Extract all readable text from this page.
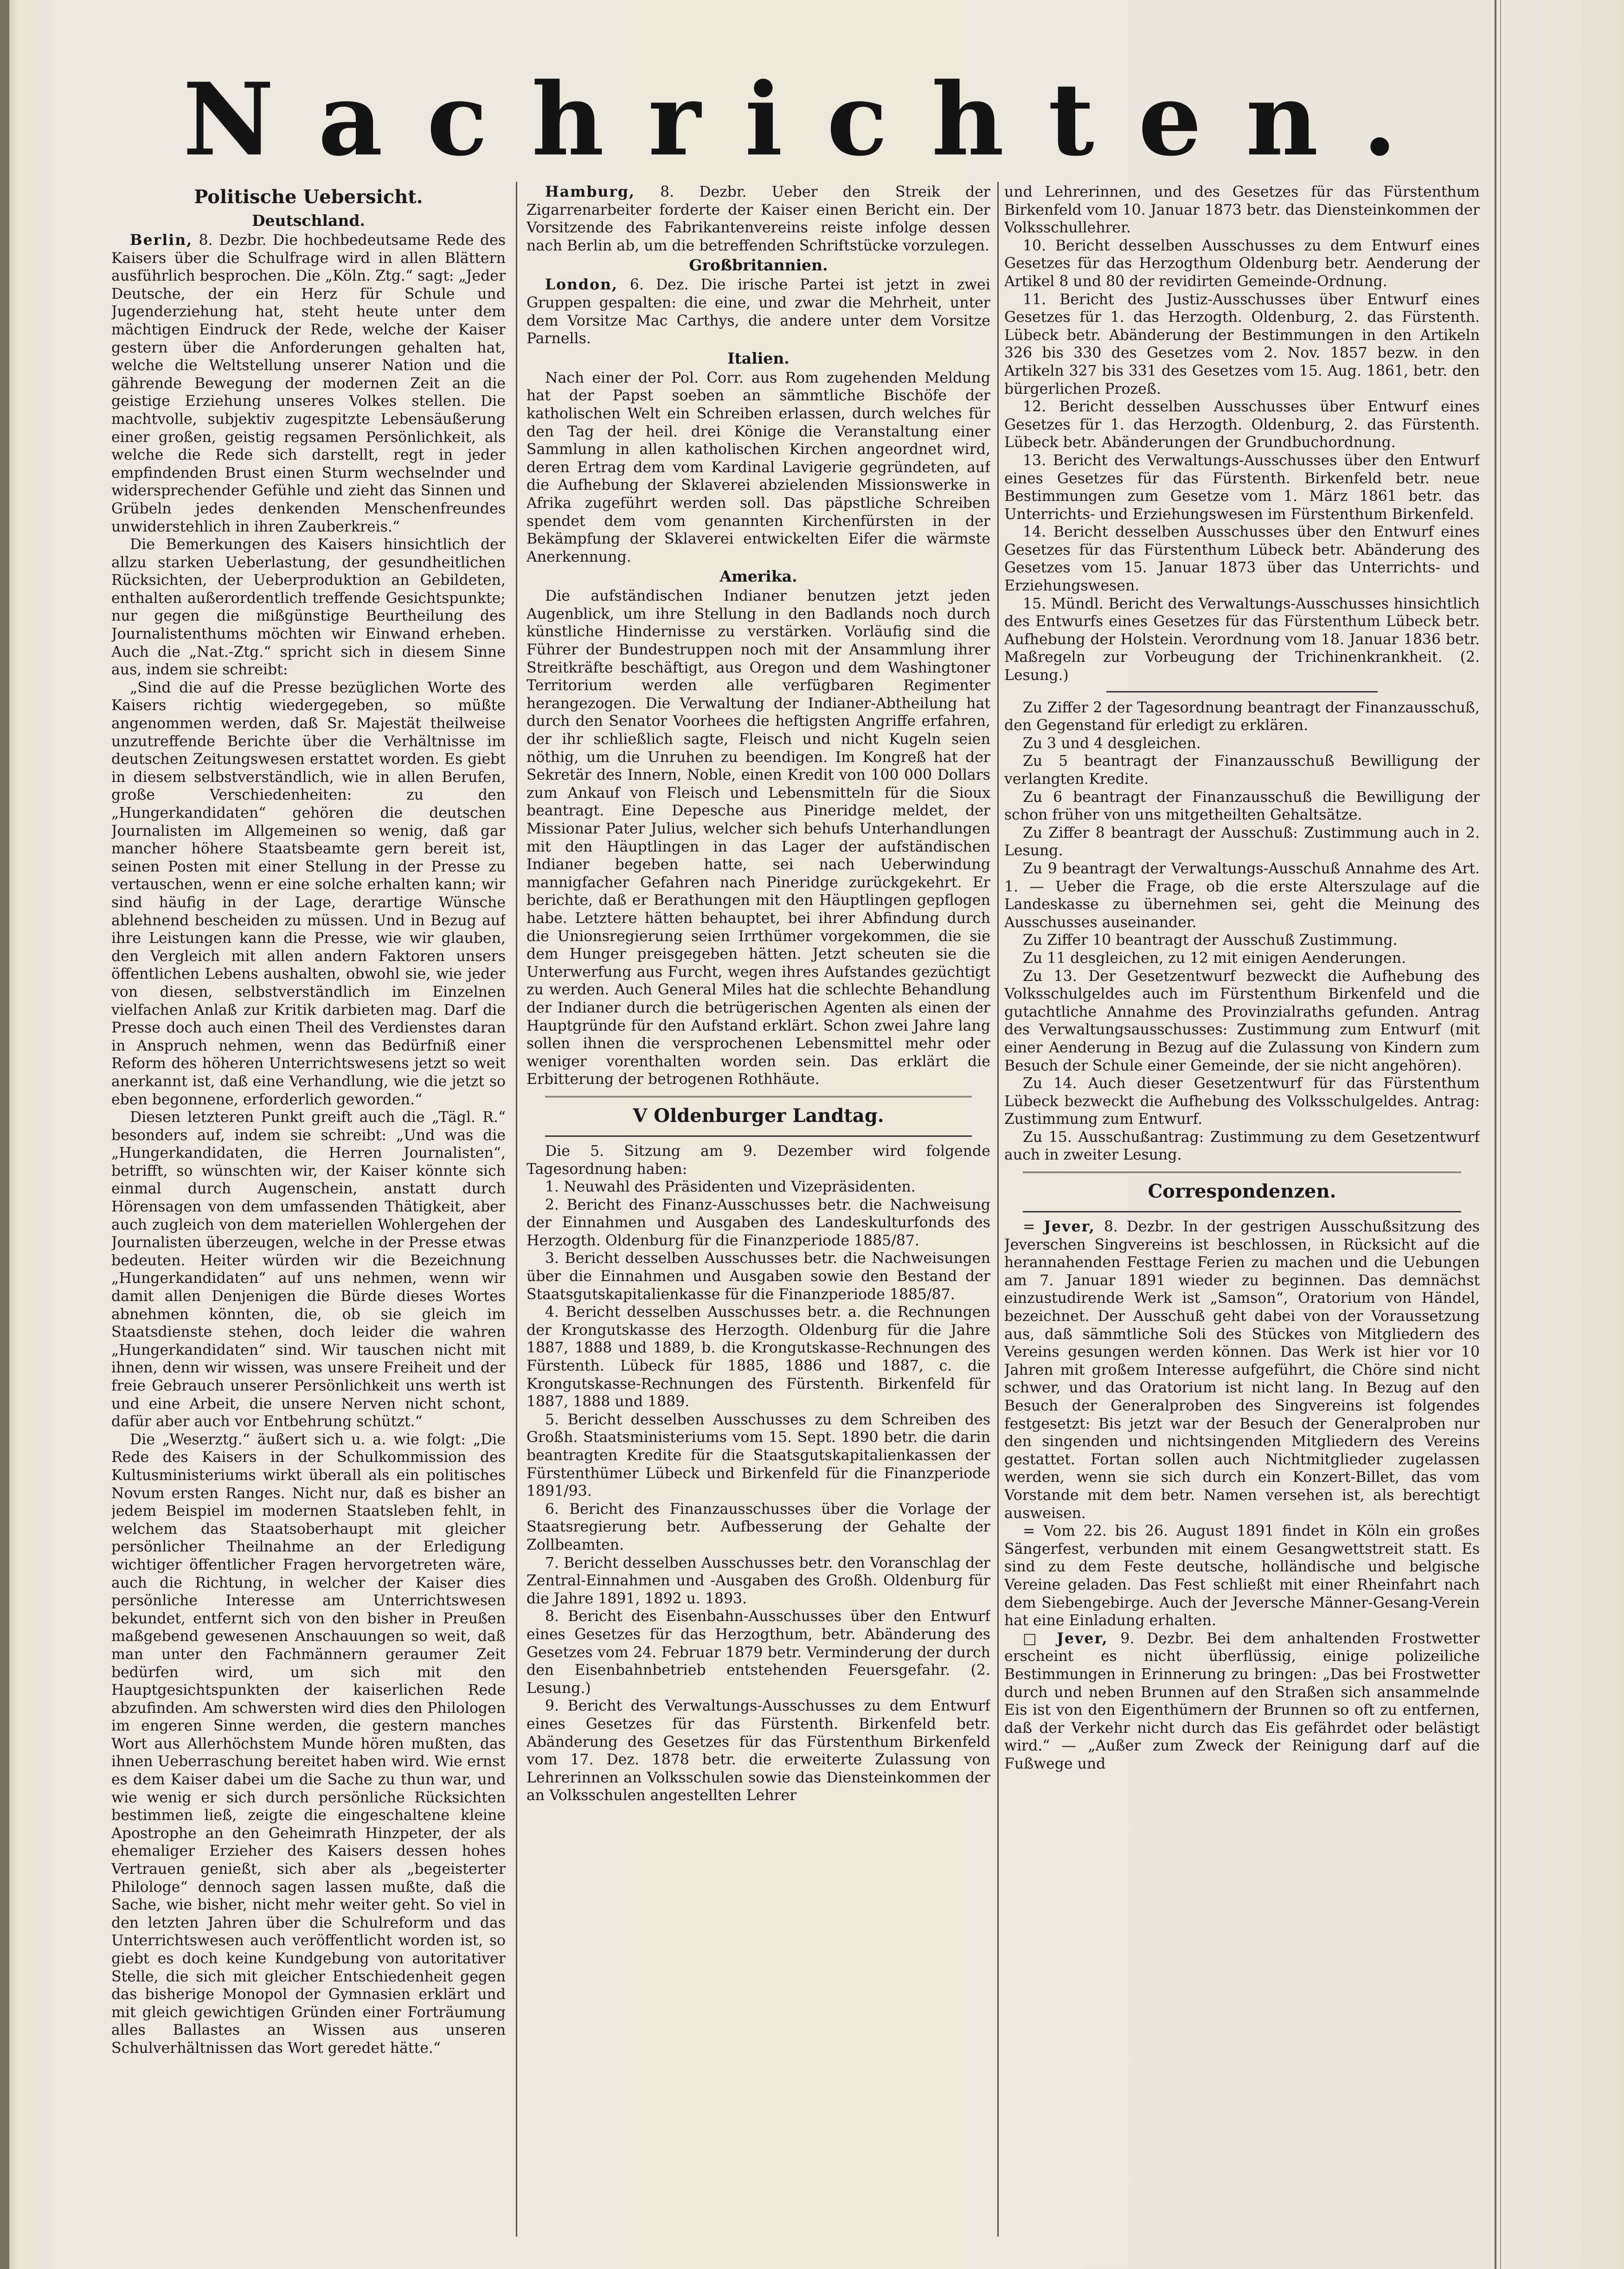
Nachrichten.
Politische Uebersicht.
Deutschland.

Berlin, 8. Dezbr. Die hochbedeutsame Rede des Kaisers über die Schulfrage wird in allen Blättern ausführlich besprochen. Die „Köln. Ztg.“ sagt: „Jeder Deutsche, der ein Herz für Schule und Jugenderziehung hat, steht heute unter dem mächtigen Eindruck der Rede, welche der Kaiser gestern über die Anforderungen gehalten hat, welche die Weltstellung unserer Nation und die gährende Bewegung der modernen Zeit an die geistige Erziehung unseres Volkes stellen. Die machtvolle, subjektiv zugespitzte Lebensäußerung einer großen, geistig regsamen Persönlichkeit, als welche die Rede sich darstellt, regt in jeder empfindenden Brust einen Sturm wechselnder und widersprechender Gefühle und zieht das Sinnen und Grübeln jedes denkenden Menschenfreundes unwiderstehlich in ihren Zauberkreis.“

Die Bemerkungen des Kaisers hinsichtlich der allzu starken Ueberlastung, der gesundheitlichen Rücksichten, der Ueberproduktion an Gebildeten, enthalten außerordentlich treffende Gesichtspunkte; nur gegen die mißgünstige Beurtheilung des Journalistenthums möchten wir Einwand erheben. Auch die „Nat.-Ztg.“ spricht sich in diesem Sinne aus, indem sie schreibt:

„Sind die auf die Presse bezüglichen Worte des Kaisers richtig wiedergegeben, so müßte angenommen werden, daß Sr. Majestät theilweise unzutreffende Berichte über die Verhältnisse im deutschen Zeitungswesen erstattet worden. Es giebt in diesem selbstverständlich, wie in allen Berufen, große Verschiedenheiten: zu den „Hungerkandidaten“ gehören die deutschen Journalisten im Allgemeinen so wenig, daß gar mancher höhere Staatsbeamte gern bereit ist, seinen Posten mit einer Stellung in der Presse zu vertauschen, wenn er eine solche erhalten kann; wir sind häufig in der Lage, derartige Wünsche ablehnend bescheiden zu müssen. Und in Bezug auf ihre Leistungen kann die Presse, wie wir glauben, den Vergleich mit allen andern Faktoren unsers öffentlichen Lebens aushalten, obwohl sie, wie jeder von diesen, selbstverständlich im Einzelnen vielfachen Anlaß zur Kritik darbieten mag. Darf die Presse doch auch einen Theil des Verdienstes daran in Anspruch nehmen, wenn das Bedürfniß einer Reform des höheren Unterrichtswesens jetzt so weit anerkannt ist, daß eine Verhandlung, wie die jetzt so eben begonnene, erforderlich geworden.“

Diesen letzteren Punkt greift auch die „Tägl. R.“ besonders auf, indem sie schreibt: „Und was die „Hungerkandidaten, die Herren Journalisten“, betrifft, so wünschten wir, der Kaiser könnte sich einmal durch Augenschein, anstatt durch Hörensagen von dem umfassenden Thätigkeit, aber auch zugleich von dem materiellen Wohlergehen der Journalisten überzeugen, welche in der Presse etwas bedeuten. Heiter würden wir die Bezeichnung „Hungerkandidaten“ auf uns nehmen, wenn wir damit allen Denjenigen die Bürde dieses Wortes abnehmen könnten, die, ob sie gleich im Staatsdienste stehen, doch leider die wahren „Hungerkandidaten“ sind. Wir tauschen nicht mit ihnen, denn wir wissen, was unsere Freiheit und der freie Gebrauch unserer Persönlichkeit uns werth ist und eine Arbeit, die unsere Nerven nicht schont, dafür aber auch vor Entbehrung schützt.“

Die „Weserztg.“ äußert sich u. a. wie folgt: „Die Rede des Kaisers in der Schulkommission des Kultusministeriums wirkt überall als ein politisches Novum ersten Ranges. Nicht nur, daß es bisher an jedem Beispiel im modernen Staatsleben fehlt, in welchem das Staatsoberhaupt mit gleicher persönlicher Theilnahme an der Erledigung wichtiger öffentlicher Fragen hervorgetreten wäre, auch die Richtung, in welcher der Kaiser dies persönliche Interesse am Unterrichtswesen bekundet, entfernt sich von den bisher in Preußen maßgebend gewesenen Anschauungen so weit, daß man unter den Fachmännern geraumer Zeit bedürfen wird, um sich mit den Hauptgesichtspunkten der kaiserlichen Rede abzufinden. Am schwersten wird dies den Philologen im engeren Sinne werden, die gestern manches Wort aus Allerhöchstem Munde hören mußten, das ihnen Ueberraschung bereitet haben wird. Wie ernst es dem Kaiser dabei um die Sache zu thun war, und wie wenig er sich durch persönliche Rücksichten bestimmen ließ, zeigte die eingeschaltene kleine Apostrophe an den Geheimrath Hinzpeter, der als ehemaliger Erzieher des Kaisers dessen hohes Vertrauen genießt, sich aber als „begeisterter Philologe“ dennoch sagen lassen mußte, daß die Sache, wie bisher, nicht mehr weiter geht. So viel in den letzten Jahren über die Schulreform und das Unterrichtswesen auch veröffentlicht worden ist, so giebt es doch keine Kundgebung von autoritativer Stelle, die sich mit gleicher Entschiedenheit gegen das bisherige Monopol der Gymnasien erklärt und mit gleich gewichtigen Gründen einer Forträumung alles Ballastes an Wissen aus unseren Schulverhältnissen das Wort geredet hätte.“

Hamburg, 8. Dezbr. Ueber den Streik der Zigarrenarbeiter forderte der Kaiser einen Bericht ein. Der Vorsitzende des Fabrikantenvereins reiste infolge dessen nach Berlin ab, um die betreffenden Schriftstücke vorzulegen.

Großbritannien.

London, 6. Dez. Die irische Partei ist jetzt in zwei Gruppen gespalten: die eine, und zwar die Mehrheit, unter dem Vorsitze Mac Carthys, die andere unter dem Vorsitze Parnells.

Italien.

Nach einer der Pol. Corr. aus Rom zugehenden Meldung hat der Papst soeben an sämmtliche Bischöfe der katholischen Welt ein Schreiben erlassen, durch welches für den Tag der heil. drei Könige die Veranstaltung einer Sammlung in allen katholischen Kirchen angeordnet wird, deren Ertrag dem vom Kardinal Lavigerie gegründeten, auf die Aufhebung der Sklaverei abzielenden Missionswerke in Afrika zugeführt werden soll. Das päpstliche Schreiben spendet dem vom genannten Kirchenfürsten in der Bekämpfung der Sklaverei entwickelten Eifer die wärmste Anerkennung.

Amerika.

Die aufständischen Indianer benutzen jetzt jeden Augenblick, um ihre Stellung in den Badlands noch durch künstliche Hindernisse zu verstärken. Vorläufig sind die Führer der Bundestruppen noch mit der Ansammlung ihrer Streitkräfte beschäftigt, aus Oregon und dem Washingtoner Territorium werden alle verfügbaren Regimenter herangezogen. Die Verwaltung der Indianer-Abtheilung hat durch den Senator Voorhees die heftigsten Angriffe erfahren, der ihr schließlich sagte, Fleisch und nicht Kugeln seien nöthig, um die Unruhen zu beendigen. Im Kongreß hat der Sekretär des Innern, Noble, einen Kredit von 100 000 Dollars zum Ankauf von Fleisch und Lebensmitteln für die Sioux beantragt. Eine Depesche aus Pineridge meldet, der Missionar Pater Julius, welcher sich behufs Unterhandlungen mit den Häuptlingen in das Lager der aufständischen Indianer begeben hatte, sei nach Ueberwindung mannigfacher Gefahren nach Pineridge zurückgekehrt. Er berichte, daß er Berathungen mit den Häuptlingen gepflogen habe. Letztere hätten behauptet, bei ihrer Abfindung durch die Unionsregierung seien Irrthümer vorgekommen, die sie dem Hunger preisgegeben hätten. Jetzt scheuten sie die Unterwerfung aus Furcht, wegen ihres Aufstandes gezüchtigt zu werden. Auch General Miles hat die schlechte Behandlung der Indianer durch die betrügerischen Agenten als einen der Hauptgründe für den Aufstand erklärt. Schon zwei Jahre lang sollen ihnen die versprochenen Lebensmittel mehr oder weniger vorenthalten worden sein. Das erklärt die Erbitterung der betrogenen Rothhäute.

V Oldenburger Landtag.

Die 5. Sitzung am 9. Dezember wird folgende Tagesordnung haben:

1. Neuwahl des Präsidenten und Vizepräsidenten.

2. Bericht des Finanz-Ausschusses betr. die Nachweisung der Einnahmen und Ausgaben des Landeskulturfonds des Herzogth. Oldenburg für die Finanzperiode 1885/87.

3. Bericht desselben Ausschusses betr. die Nachweisungen über die Einnahmen und Ausgaben sowie den Bestand der Staatsgutskapitalienkasse für die Finanzperiode 1885/87.

4. Bericht desselben Ausschusses betr. a. die Rechnungen der Krongutskasse des Herzogth. Oldenburg für die Jahre 1887, 1888 und 1889, b. die Krongutskasse-Rechnungen des Fürstenth. Lübeck für 1885, 1886 und 1887, c. die Krongutskasse-Rechnungen des Fürstenth. Birkenfeld für 1887, 1888 und 1889.

5. Bericht desselben Ausschusses zu dem Schreiben des Großh. Staatsministeriums vom 15. Sept. 1890 betr. die darin beantragten Kredite für die Staatsgutskapitalienkassen der Fürstenthümer Lübeck und Birkenfeld für die Finanzperiode 1891/93.

6. Bericht des Finanzausschusses über die Vorlage der Staatsregierung betr. Aufbesserung der Gehalte der Zollbeamten.

7. Bericht desselben Ausschusses betr. den Voranschlag der Zentral-Einnahmen und -Ausgaben des Großh. Oldenburg für die Jahre 1891, 1892 u. 1893.

8. Bericht des Eisenbahn-Ausschusses über den Entwurf eines Gesetzes für das Herzogthum, betr. Abänderung des Gesetzes vom 24. Februar 1879 betr. Verminderung der durch den Eisenbahnbetrieb entstehenden Feuersgefahr. (2. Lesung.)

9. Bericht des Verwaltungs-Ausschusses zu dem Entwurf eines Gesetzes für das Fürstenth. Birkenfeld betr. Abänderung des Gesetzes für das Fürstenthum Birkenfeld vom 17. Dez. 1878 betr. die erweiterte Zulassung von Lehrerinnen an Volksschulen sowie das Diensteinkommen der an Volksschulen angestellten Lehrer

und Lehrerinnen, und des Gesetzes für das Fürstenthum Birkenfeld vom 10. Januar 1873 betr. das Diensteinkommen der Volksschullehrer.

10. Bericht desselben Ausschusses zu dem Entwurf eines Gesetzes für das Herzogthum Oldenburg betr. Aenderung der Artikel 8 und 80 der revidirten Gemeinde-Ordnung.

11. Bericht des Justiz-Ausschusses über Entwurf eines Gesetzes für 1. das Herzogth. Oldenburg, 2. das Fürstenth. Lübeck betr. Abänderung der Bestimmungen in den Artikeln 326 bis 330 des Gesetzes vom 2. Nov. 1857 bezw. in den Artikeln 327 bis 331 des Gesetzes vom 15. Aug. 1861, betr. den bürgerlichen Prozeß.

12. Bericht desselben Ausschusses über Entwurf eines Gesetzes für 1. das Herzogth. Oldenburg, 2. das Fürstenth. Lübeck betr. Abänderungen der Grundbuchordnung.

13. Bericht des Verwaltungs-Ausschusses über den Entwurf eines Gesetzes für das Fürstenth. Birkenfeld betr. neue Bestimmungen zum Gesetze vom 1. März 1861 betr. das Unterrichts- und Erziehungswesen im Fürstenthum Birkenfeld.

14. Bericht desselben Ausschusses über den Entwurf eines Gesetzes für das Fürstenthum Lübeck betr. Abänderung des Gesetzes vom 15. Januar 1873 über das Unterrichts- und Erziehungswesen.

15. Mündl. Bericht des Verwaltungs-Ausschusses hinsichtlich des Entwurfs eines Gesetzes für das Fürstenthum Lübeck betr. Aufhebung der Holstein. Verordnung vom 18. Januar 1836 betr. Maßregeln zur Vorbeugung der Trichinenkrankheit. (2. Lesung.)

Zu Ziffer 2 der Tagesordnung beantragt der Finanzausschuß, den Gegenstand für erledigt zu erklären.

Zu 3 und 4 desgleichen.

Zu 5 beantragt der Finanzausschuß Bewilligung der verlangten Kredite.

Zu 6 beantragt der Finanzausschuß die Bewilligung der schon früher von uns mitgetheilten Gehaltsätze.

Zu Ziffer 8 beantragt der Ausschuß: Zustimmung auch in 2. Lesung.

Zu 9 beantragt der Verwaltungs-Ausschuß Annahme des Art. 1. — Ueber die Frage, ob die erste Alterszulage auf die Landeskasse zu übernehmen sei, geht die Meinung des Ausschusses auseinander.

Zu Ziffer 10 beantragt der Ausschuß Zustimmung.

Zu 11 desgleichen, zu 12 mit einigen Aenderungen.

Zu 13. Der Gesetzentwurf bezweckt die Aufhebung des Volksschulgeldes auch im Fürstenthum Birkenfeld und die gutachtliche Annahme des Provinzialraths gefunden. Antrag des Verwaltungsausschusses: Zustimmung zum Entwurf (mit einer Aenderung in Bezug auf die Zulassung von Kindern zum Besuch der Schule einer Gemeinde, der sie nicht angehören).

Zu 14. Auch dieser Gesetzentwurf für das Fürstenthum Lübeck bezweckt die Aufhebung des Volksschulgeldes. Antrag: Zustimmung zum Entwurf.

Zu 15. Ausschußantrag: Zustimmung zu dem Gesetzentwurf auch in zweiter Lesung.

Correspondenzen.

= Jever, 8. Dezbr. In der gestrigen Ausschußsitzung des Jeverschen Singvereins ist beschlossen, in Rücksicht auf die herannahenden Festtage Ferien zu machen und die Uebungen am 7. Januar 1891 wieder zu beginnen. Das demnächst einzustudirende Werk ist „Samson“, Oratorium von Händel, bezeichnet. Der Ausschuß geht dabei von der Voraussetzung aus, daß sämmtliche Soli des Stückes von Mitgliedern des Vereins gesungen werden können. Das Werk ist hier vor 10 Jahren mit großem Interesse aufgeführt, die Chöre sind nicht schwer, und das Oratorium ist nicht lang. In Bezug auf den Besuch der Generalproben des Singvereins ist folgendes festgesetzt: Bis jetzt war der Besuch der Generalproben nur den singenden und nichtsingenden Mitgliedern des Vereins gestattet. Fortan sollen auch Nichtmitglieder zugelassen werden, wenn sie sich durch ein Konzert-Billet, das vom Vorstande mit dem betr. Namen versehen ist, als berechtigt ausweisen.

= Vom 22. bis 26. August 1891 findet in Köln ein großes Sängerfest, verbunden mit einem Gesangwettstreit statt. Es sind zu dem Feste deutsche, holländische und belgische Vereine geladen. Das Fest schließt mit einer Rheinfahrt nach dem Siebengebirge. Auch der Jeversche Männer-Gesang-Verein hat eine Einladung erhalten.

□ Jever, 9. Dezbr. Bei dem anhaltenden Frostwetter erscheint es nicht überflüssig, einige polizeiliche Bestimmungen in Erinnerung zu bringen: „Das bei Frostwetter durch und neben Brunnen auf den Straßen sich ansammelnde Eis ist von den Eigenthümern der Brunnen so oft zu entfernen, daß der Verkehr nicht durch das Eis gefährdet oder belästigt wird.“ — „Außer zum Zweck der Reinigung darf auf die Fußwege und
